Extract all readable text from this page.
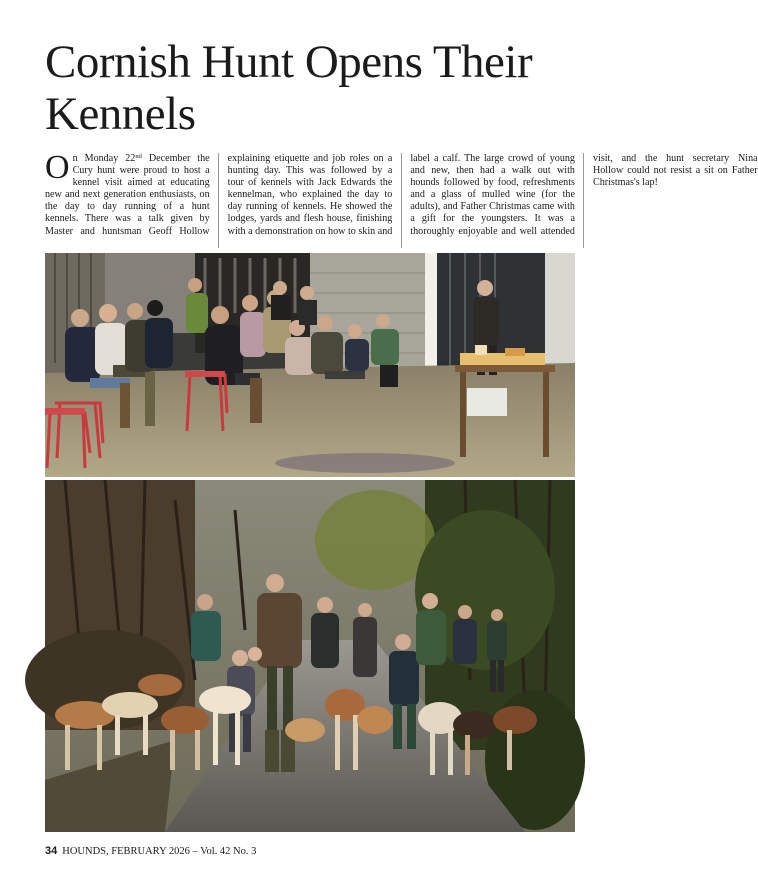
Cornish Hunt Opens Their Kennels

On Monday 22nd December the Cury hunt were proud to host a kennel visit aimed at educating new and next generation enthusiasts, on the day to day running of a hunt kennels. There was a talk given by Master and huntsman Geoff Hollow explaining etiquette and job roles on a hunting day. This was followed by a tour of kennels with Jack Edwards the kennelman, who explained the day to day running of kennels. He showed the lodges, yards and flesh house, finishing with a demonstration on how to skin and label a calf. The large crowd of young and new, then had a walk out with hounds followed by food, refreshments and a glass of mulled wine (for the adults), and Father Christmas came with a gift for the youngsters. It was a thoroughly enjoyable and well attended visit, and the hunt secretary Nina Hollow could not resist a sit on Father Christmas's lap!

34 HOUNDS, FEBRUARY 2026 – Vol. 42 No. 3
